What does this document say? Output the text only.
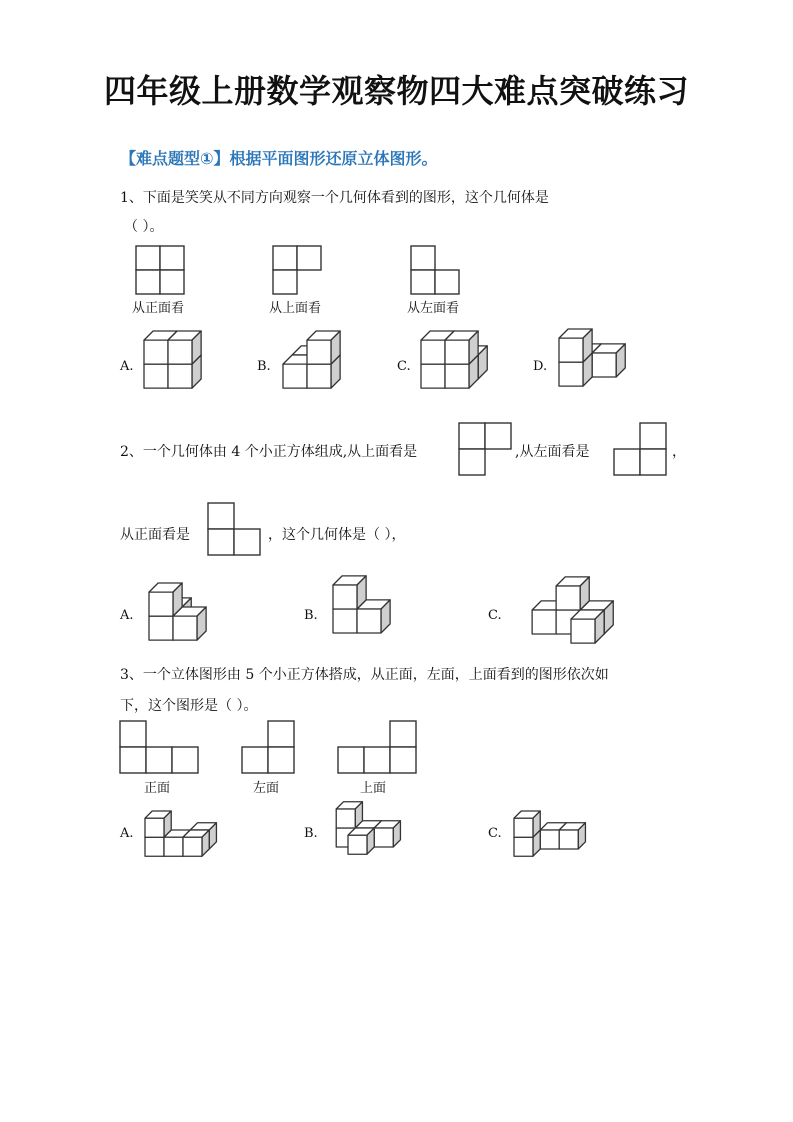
四年级上册数学观察物四大难点突破练习
【难点题型①】根据平面图形还原立体图形。
1、下面是笑笑从不同方向观察一个几何体看到的图形，这个几何体是
（ ）。
从正面看	从上面看	从左面看
A.	B.	C.	D.
2、一个几何体由 4 个小正方体组成,从上面看是	,从左面看是	，
从正面看是	，这个几何体是（ ），
A.	B.	C.
3、一个立体图形由 5 个小正方体搭成，从正面，左面，上面看到的图形依次如
下，这个图形是（ ）。
正面	左面	上面
A.	B.	C.
